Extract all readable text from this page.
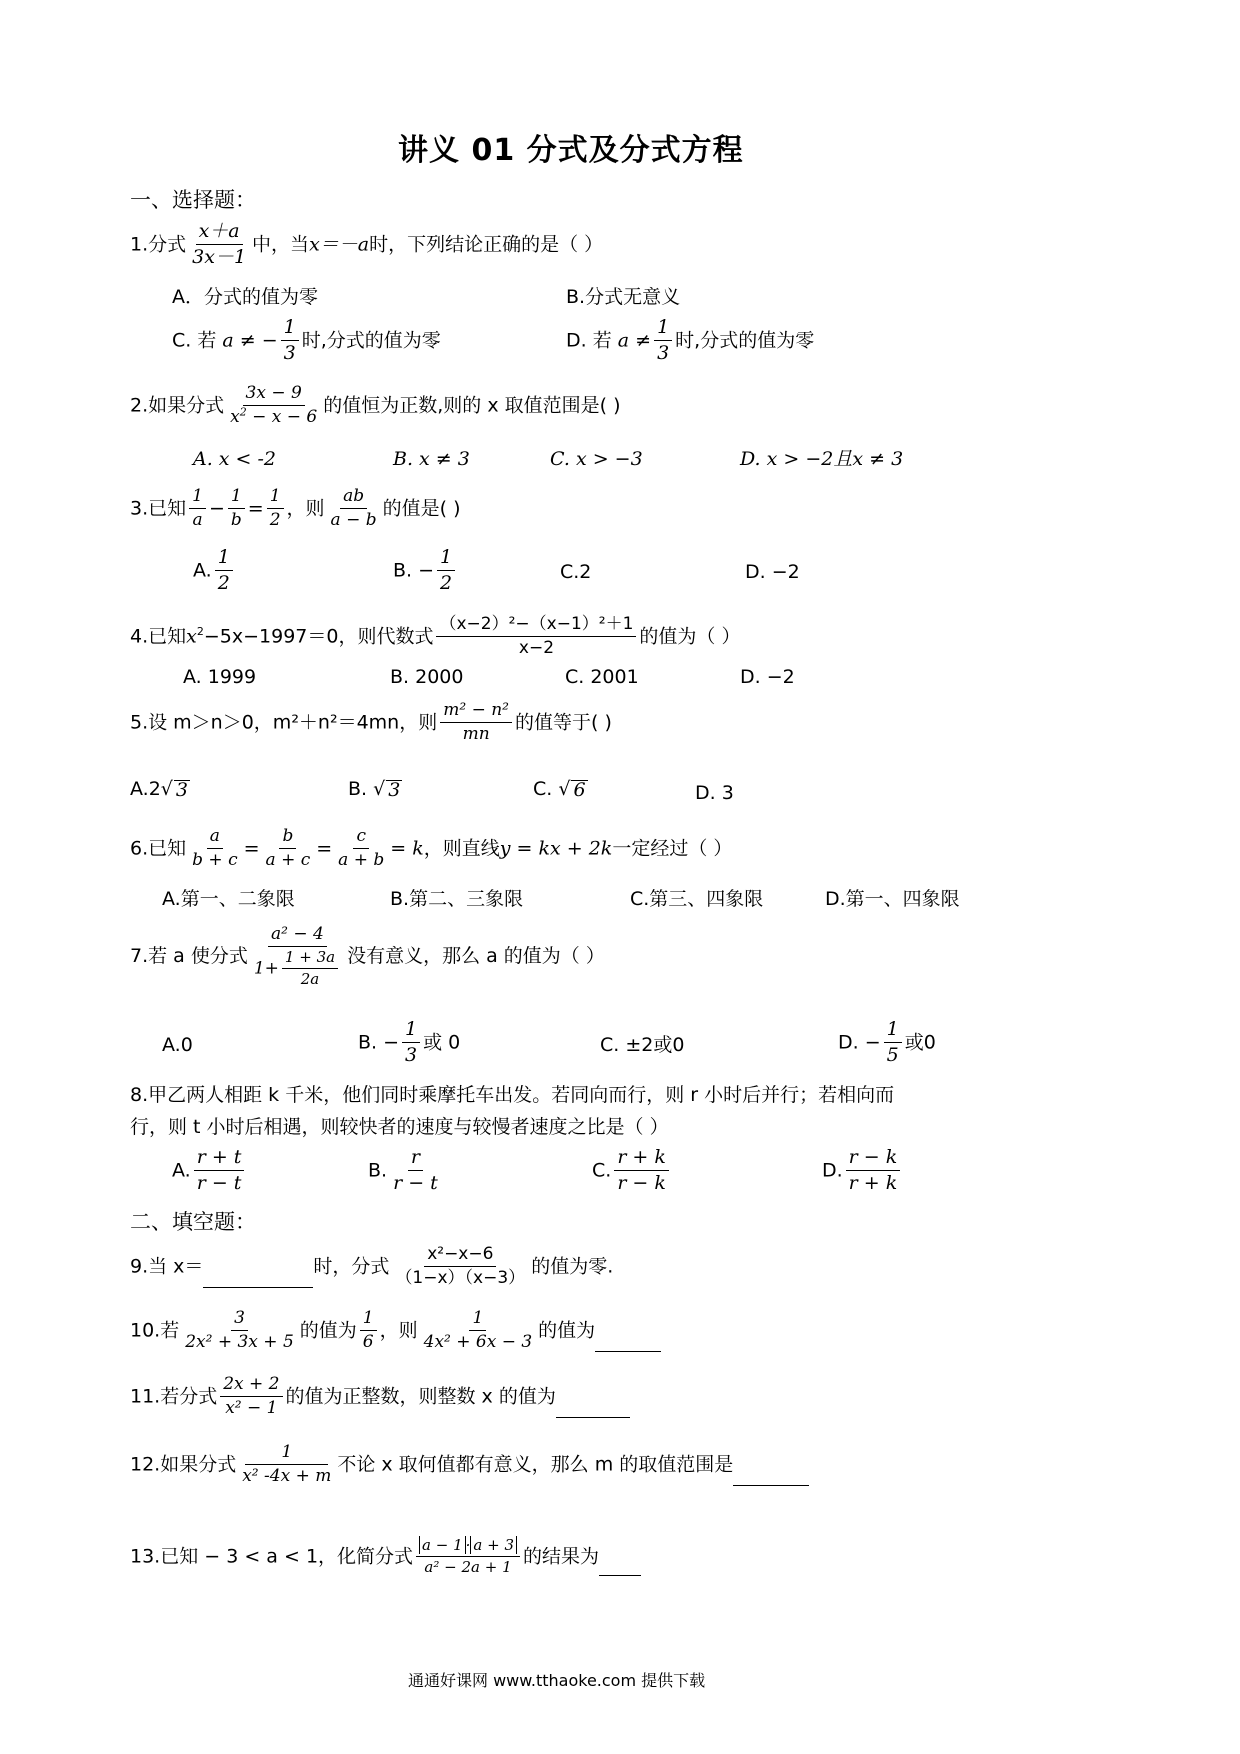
讲义 01 分式及分式方程
一、选择题：
1.分式 $\frac{x+a}{3x-1}$ 中，当x＝－a时，下列结论正确的是（ ）
A．分式的值为零	B.分式无意义
C. 若 a ≠ − $\frac{1}{3}$ 时,分式的值为零	D. 若 $a \ne \frac{1}{3}$ 时,分式的值为零
2.如果分式 $\frac{3x - 9}{x^2 - x - 6}$ 的值恒为正数,则的 x 取值范围是( )
A. x < -2	B. x ≠ 3	C. x > −3	D. x > −2且x ≠ 3
3.已知 $\frac{1}{a} - \frac{1}{b} = \frac{1}{2}$ ，则 $\frac{ab}{a - b}$ 的值是( )
A. $\frac{1}{2}$	B. − $\frac{1}{2}$	C.2	D. −2
4.已知$x^2-5x-1997=0$，则代数式 $\frac{\text{（x−2）²−（x−1）²＋1}}{x-2}$ 的值为（ ）
A. 1999	B. 2000	C. 2001	D. −2
5.设 m＞n＞0，m²＋n²＝4mn，则 $\frac{\text{m² − n²}}{mn}$ 的值等于( )
A.2 √ 3	B. √ 3	C. √ 6	D. 3
6.已知 $\frac{a}{b + c} = \frac{b}{a + c} = \frac{c}{a + b} = k$，则直线y = kx + 2k一定经过（ ）
A.第一、二象限	B.第二、三象限	C.第三、四象限	D.第一、四象限
7.若 a 使分式 $\frac{\text{a² − 4}}{1+ \frac{1 + 3a}{2a}}$ 没有意义，那么 a 的值为（ ）
A.0	B. − $\frac{1}{3}$ 或 0	C. ±2或0	D. − $\frac{1}{5}$ 或0
8.甲乙两人相距 k 千米，他们同时乘摩托车出发。若同向而行，则 r 小时后并行；若相向而
行，则 t 小时后相遇，则较快者的速度与较慢者速度之比是（ ）
A. $\frac{r + t}{r - t}$	B. $\frac{r}{r - t}$	C. $\frac{r + k}{r - k}$	D. $\frac{r - k}{r + k}$
二、填空题：
9.当 x＝	时，分式 $\frac{\text{x²−x−6}}{(1-x)(x-3)}$ 的值为零.
10.若 $\frac{3}{\text{2x² + 3x + 5}}$ 的值为 $\frac{1}{6}$ ，则 $\frac{1}{\text{4x² + 6x − 3}}$ 的值为
11.若分式 $\frac{2x + 2}{\text{x² − 1}}$ 的值为正整数，则整数 x 的值为
12.如果分式 $\frac{1}{\text{x² -4x + m}}$ 不论 x 取何值都有意义，那么 m 的取值范围是
13.已知 − 3 < a < 1，化简分式 $\frac{a - 1 \cdot a + 3}{\text{a² − 2a + 1}}$ 的结果为
通通好课网 www.tthaoke.com 提供下载
